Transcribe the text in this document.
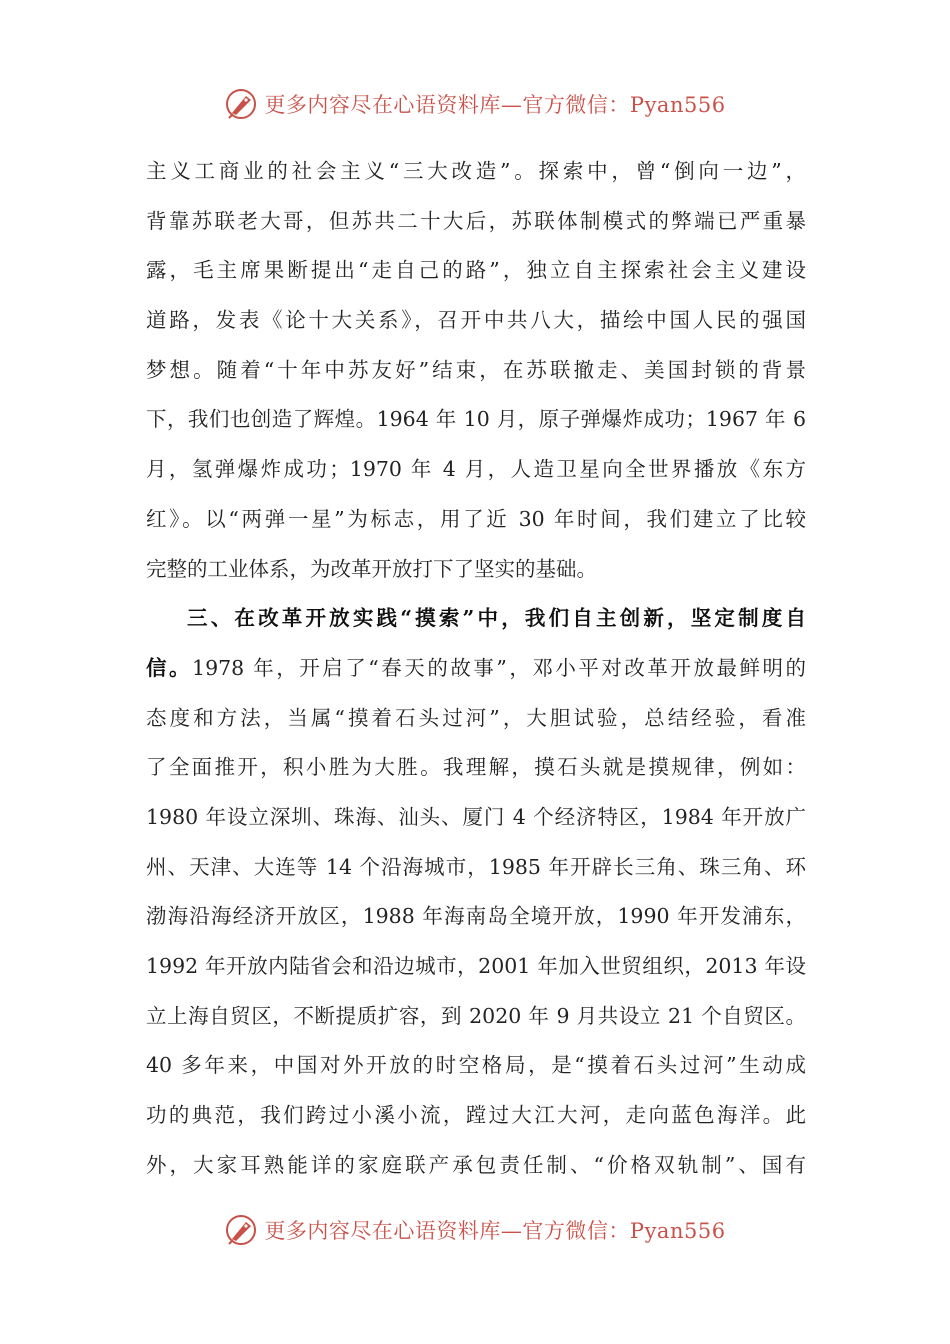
更多内容尽在心语资料库—官方微信：Pyan556
主义工商业的社会主义“三大改造”。探索中，曾“倒向一边”，
背靠苏联老大哥，但苏共二十大后，苏联体制模式的弊端已严重暴
露，毛主席果断提出“走自己的路”，独立自主探索社会主义建设
道路，发表《论十大关系》，召开中共八大，描绘中国人民的强国
梦想。随着“十年中苏友好”结束，在苏联撤走、美国封锁的背景
下，我们也创造了辉煌。1964 年 10 月，原子弹爆炸成功；1967 年 6
月，氢弹爆炸成功；1970 年 4 月，人造卫星向全世界播放《东方
红》。以“两弹一星”为标志，用了近 30 年时间，我们建立了比较
完整的工业体系，为改革开放打下了坚实的基础。
三、在改革开放实践“摸索”中，我们自主创新，坚定制度自
信。1978 年，开启了“春天的故事”，邓小平对改革开放最鲜明的
态度和方法，当属“摸着石头过河”，大胆试验，总结经验，看准
了全面推开，积小胜为大胜。我理解，摸石头就是摸规律，例如：
1980 年设立深圳、珠海、汕头、厦门 4 个经济特区，1984 年开放广
州、天津、大连等 14 个沿海城市，1985 年开辟长三角、珠三角、环
渤海沿海经济开放区，1988 年海南岛全境开放，1990 年开发浦东，
1992 年开放内陆省会和沿边城市，2001 年加入世贸组织，2013 年设
立上海自贸区，不断提质扩容，到 2020 年 9 月共设立 21 个自贸区。
40 多年来，中国对外开放的时空格局，是“摸着石头过河”生动成
功的典范，我们跨过小溪小流，蹚过大江大河，走向蓝色海洋。此
外，大家耳熟能详的家庭联产承包责任制、“价格双轨制”、国有
更多内容尽在心语资料库—官方微信：Pyan556
